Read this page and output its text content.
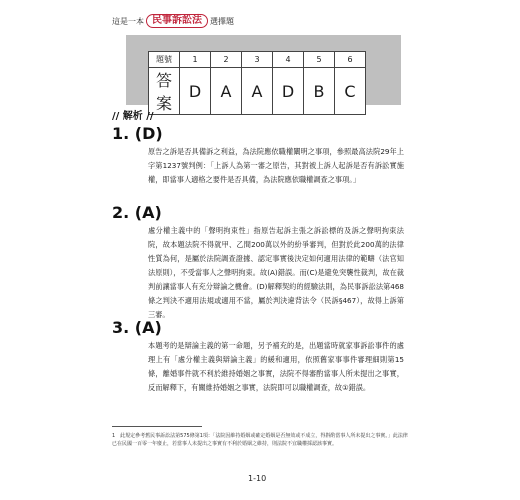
這是一本 民事訴訟法	選擇題
題號	1	2	3	4	5	6
答案	D	A	A	D	B	C
// 解析 //
1. (D)
原告之訴是否具備訴之利益，為法院應依職權闡明之事項，參照最高法院29年上字第1237號判例：「上訴人為第一審之原告，其對被上訴人起訴是否有訴訟實施權，即當事人適格之要件是否具備，為法院應依職權調查之事項。」
2. (A)
處分權主義中的「聲明拘束性」指原告起訴主張之訴訟標的及訴之聲明拘束法院，故本題法院不得就甲、乙間200萬以外的紛爭審判，但對於此200萬的法律性質為何，是屬於法院調查證據、認定事實後決定如何適用法律的範疇（法官知法原則），不受當事人之聲明拘束。故(A)錯誤。而(C)是避免突襲性裁判，故在裁判前讓當事人有充分辯論之機會。(D)解釋契約的經驗法則，為民事訴訟法第468條之判決不適用法規或適用不當，屬於判決違背法令（民訴§467），故得上訴第三審。
3. (A)
本題考的是辯論主義的第一命題，另予補充的是，出題當時就家事訴訟事件的處理上有「處分權主義與辯論主義」的緩和適用，依照舊家事事件審理細則第15條，離婚事件就不利於維持婚姻之事實，法院不得審酌當事人所未提出之事實，反而解釋下，有關維持婚姻之事實，法院即可以職權調查，故①錯誤。
1　此規定參考舊民事訴訟法第575條第1項：「法院因維持婚姻或確定婚姻是否無效或不成立，得斟酌當事人所未提出之事實。」此法律已在民國一百零一年廢止，若當事人未提出之事實有不利於婚姻之維持，則法院不宜職權採認該事實。
1-10
